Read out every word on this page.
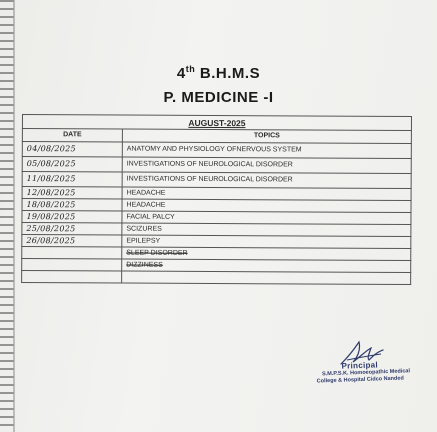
4th B.H.M.S
P. MEDICINE -I
AUGUST-2025	
DATE	TOPICS
04/08/2025	ANATOMY AND PHYSIOLOGY OFNERVOUS SYSTEM
05/08/2025	INVESTIGATIONS OF NEUROLOGICAL DISORDER
11/08/2025	INVESTIGATIONS OF NEUROLOGICAL DISORDER
12/08/2025	HEADACHE
18/08/2025	HEADACHE
19/08/2025	FACIAL PALCY
25/08/2025	SCIZURES
26/08/2025	EPILEPSY
	SLEEP DISORDER
	DIZZINESS

Principal
S.M.P.S.K. Homoeopathic Medical
College & Hospital Cidco Nanded
